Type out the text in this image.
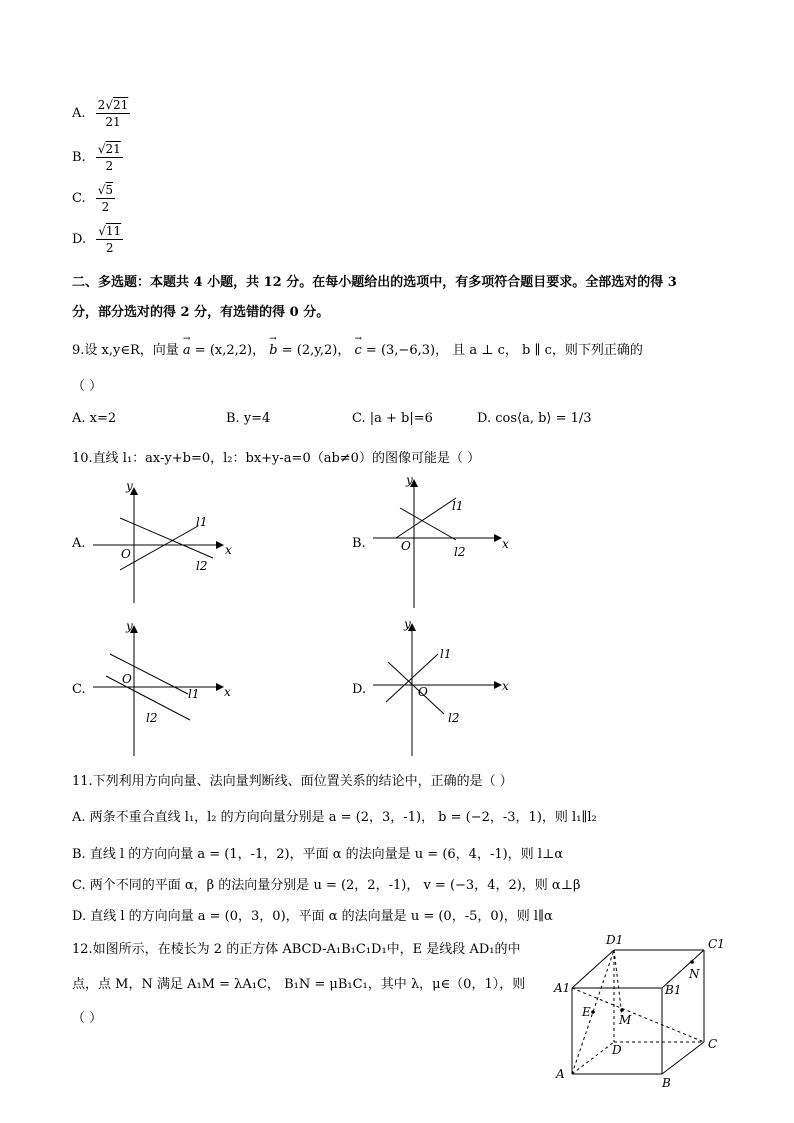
A. $\frac{2√21}{21}$
B. $\frac{√21}{2}$
C. $\frac{√5}{2}$
D. $\frac{√11}{2}$
二、多选题：本题共 4 小题，共 12 分。在每小题给出的选项中，有多项符合题目要求。全部选对的得 3
分，部分选对的得 2 分，有选错的得 0 分。
9.设 x,y∈R，向量 → a = (x,2,2)， → b = (2,y,2)， → c = (3,−6,3)， 且 a ⊥ c， b ∥ c，则下列正确的
（ ）
A. x=2	B. y=4	C. |a + b|=6	D. cos⟨a, b⟩ = 1/3
10.直线 l₁：ax-y+b=0，l₂：bx+y-a=0（ab≠0）的图像可能是（ ）
A.
y
x
O
l1
l2
B.
y
x
O
l1
l2
C.
y
x
O
l1
l2
D.
y
x
O
l1
l2
11.下列利用方向向量、法向量判断线、面位置关系的结论中，正确的是（ ）
A. 两条不重合直线 l₁，l₂ 的方向向量分别是 a = (2，3，-1)， b = (−2，-3，1)，则 l₁∥l₂
B. 直线 l 的方向向量 a = (1，-1，2)，平面 α 的法向量是 u = (6，4，-1)，则 l⊥α
C. 两个不同的平面 α，β 的法向量分别是 u = (2，2，-1)， v = (−3，4，2)，则 α⊥β
D. 直线 l 的方向向量 a = (0，3，0)，平面 α 的法向量是 u = (0，-5，0)，则 l∥α
12.如图所示，在棱长为 2 的正方体 ABCD-A₁B₁C₁D₁中，E 是线段 AD₁的中
点，点 M，N 满足 A₁M = λA₁C， B₁N = μB₁C₁，其中 λ，μ∈（0，1），则
（ ）
A
B
C
D
A1	B1
C1
D1
E
M
N
